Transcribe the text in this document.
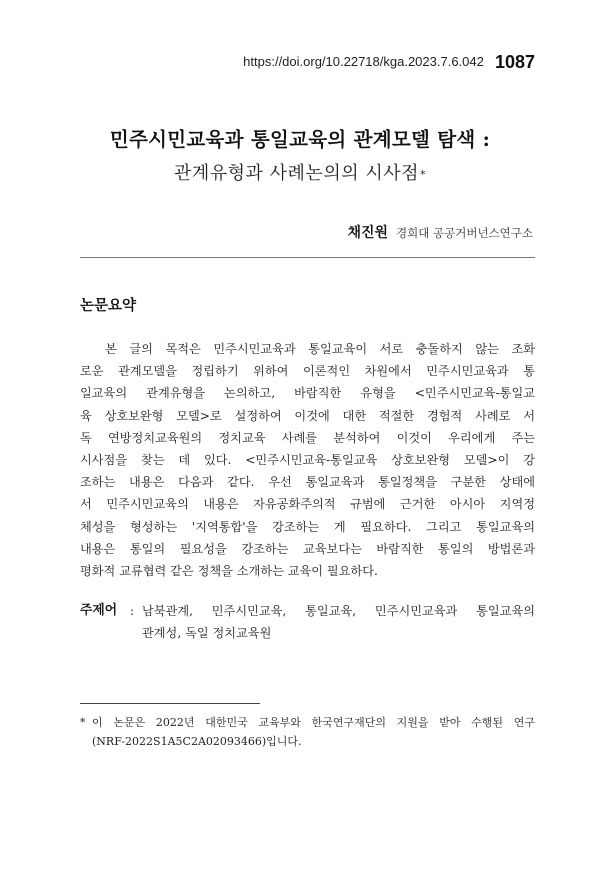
https://doi.org/10.22718/kga.2023.7.6.042 1087
민주시민교육과 통일교육의 관계모델 탐색 :
관계유형과 사례논의의 시사점*
채진원 경희대 공공거버넌스연구소
논문요약
본 글의 목적은 민주시민교육과 통일교육이 서로 충돌하지 않는 조화
로운 관계모델을 정립하기 위하여 이론적인 차원에서 민주시민교육과 통
일교육의 관계유형을 논의하고, 바람직한 유형을 <민주시민교육-통일교
육 상호보완형 모델>로 설정하여 이것에 대한 적절한 경험적 사례로 서
독 연방정치교육원의 정치교육 사례를 분석하여 이것이 우리에게 주는
시사점을 찾는 데 있다. <민주시민교육-통일교육 상호보완형 모델>이 강
조하는 내용은 다음과 같다. 우선 통일교육과 통일정책을 구분한 상태에
서 민주시민교육의 내용은 자유공화주의적 규범에 근거한 아시아 지역정
체성을 형성하는 '지역통합'을 강조하는 게 필요하다. 그리고 통일교육의
내용은 통일의 필요성을 강조하는 교육보다는 바람직한 통일의 방법론과
평화적 교류협력 같은 정책을 소개하는 교육이 필요하다.
주제어 : 남북관계, 민주시민교육, 통일교육, 민주시민교육과 통일교육의
관계성, 독일 정치교육원
* 이 논문은 2022년 대한민국 교육부와 한국연구재단의 지원을 받아 수행된 연구
(NRF-2022S1A5C2A02093466)입니다.
